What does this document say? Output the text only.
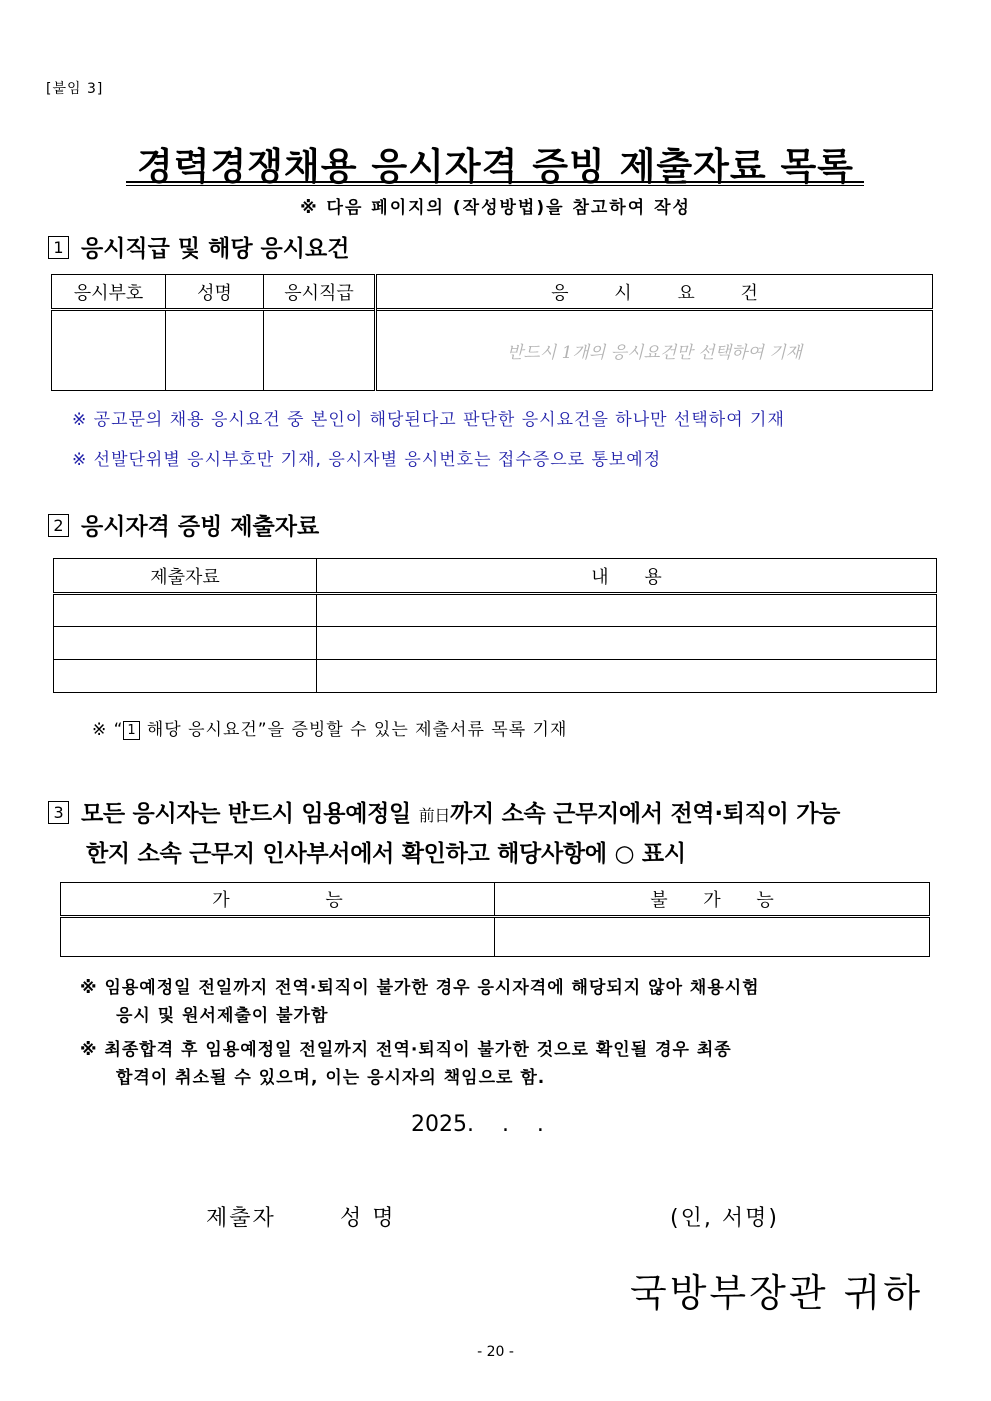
[붙임 3]
경력경쟁채용 응시자격 증빙 제출자료 목록
※ 다음 페이지의 (작성방법)을 참고하여 작성
1 응시직급 및 해당 응시요건
응시부호	성명	응시직급	응 시 요 건
			반드시 1개의 응시요건만 선택하여 기재
※ 공고문의 채용 응시요건 중 본인이 해당된다고 판단한 응시요건을 하나만 선택하여 기재
※ 선발단위별 응시부호만 기재, 응시자별 응시번호는 접수증으로 통보예정
2 응시자격 증빙 제출자료
제출자료	내 용

※ “ 1 해당 응시요건”을 증빙할 수 있는 제출서류 목록 기재
3 모든 응시자는 반드시 임용예정일 前日까지 소속 근무지에서 전역·퇴직이 가능
한지 소속 근무지 인사부서에서 확인하고 해당사항에 ○ 표시
가 능	불 가 능

※ 임용예정일 전일까지 전역·퇴직이 불가한 경우 응시자격에 해당되지 않아 채용시험
응시 및 원서제출이 불가함
※ 최종합격 후 임용예정일 전일까지 전역·퇴직이 불가한 것으로 확인될 경우 최종
합격이 취소될 수 있으며, 이는 응시자의 책임으로 함.
2025.    .    .
제출자	성 명	(인, 서명)
국방부장관 귀하
- 20 -
